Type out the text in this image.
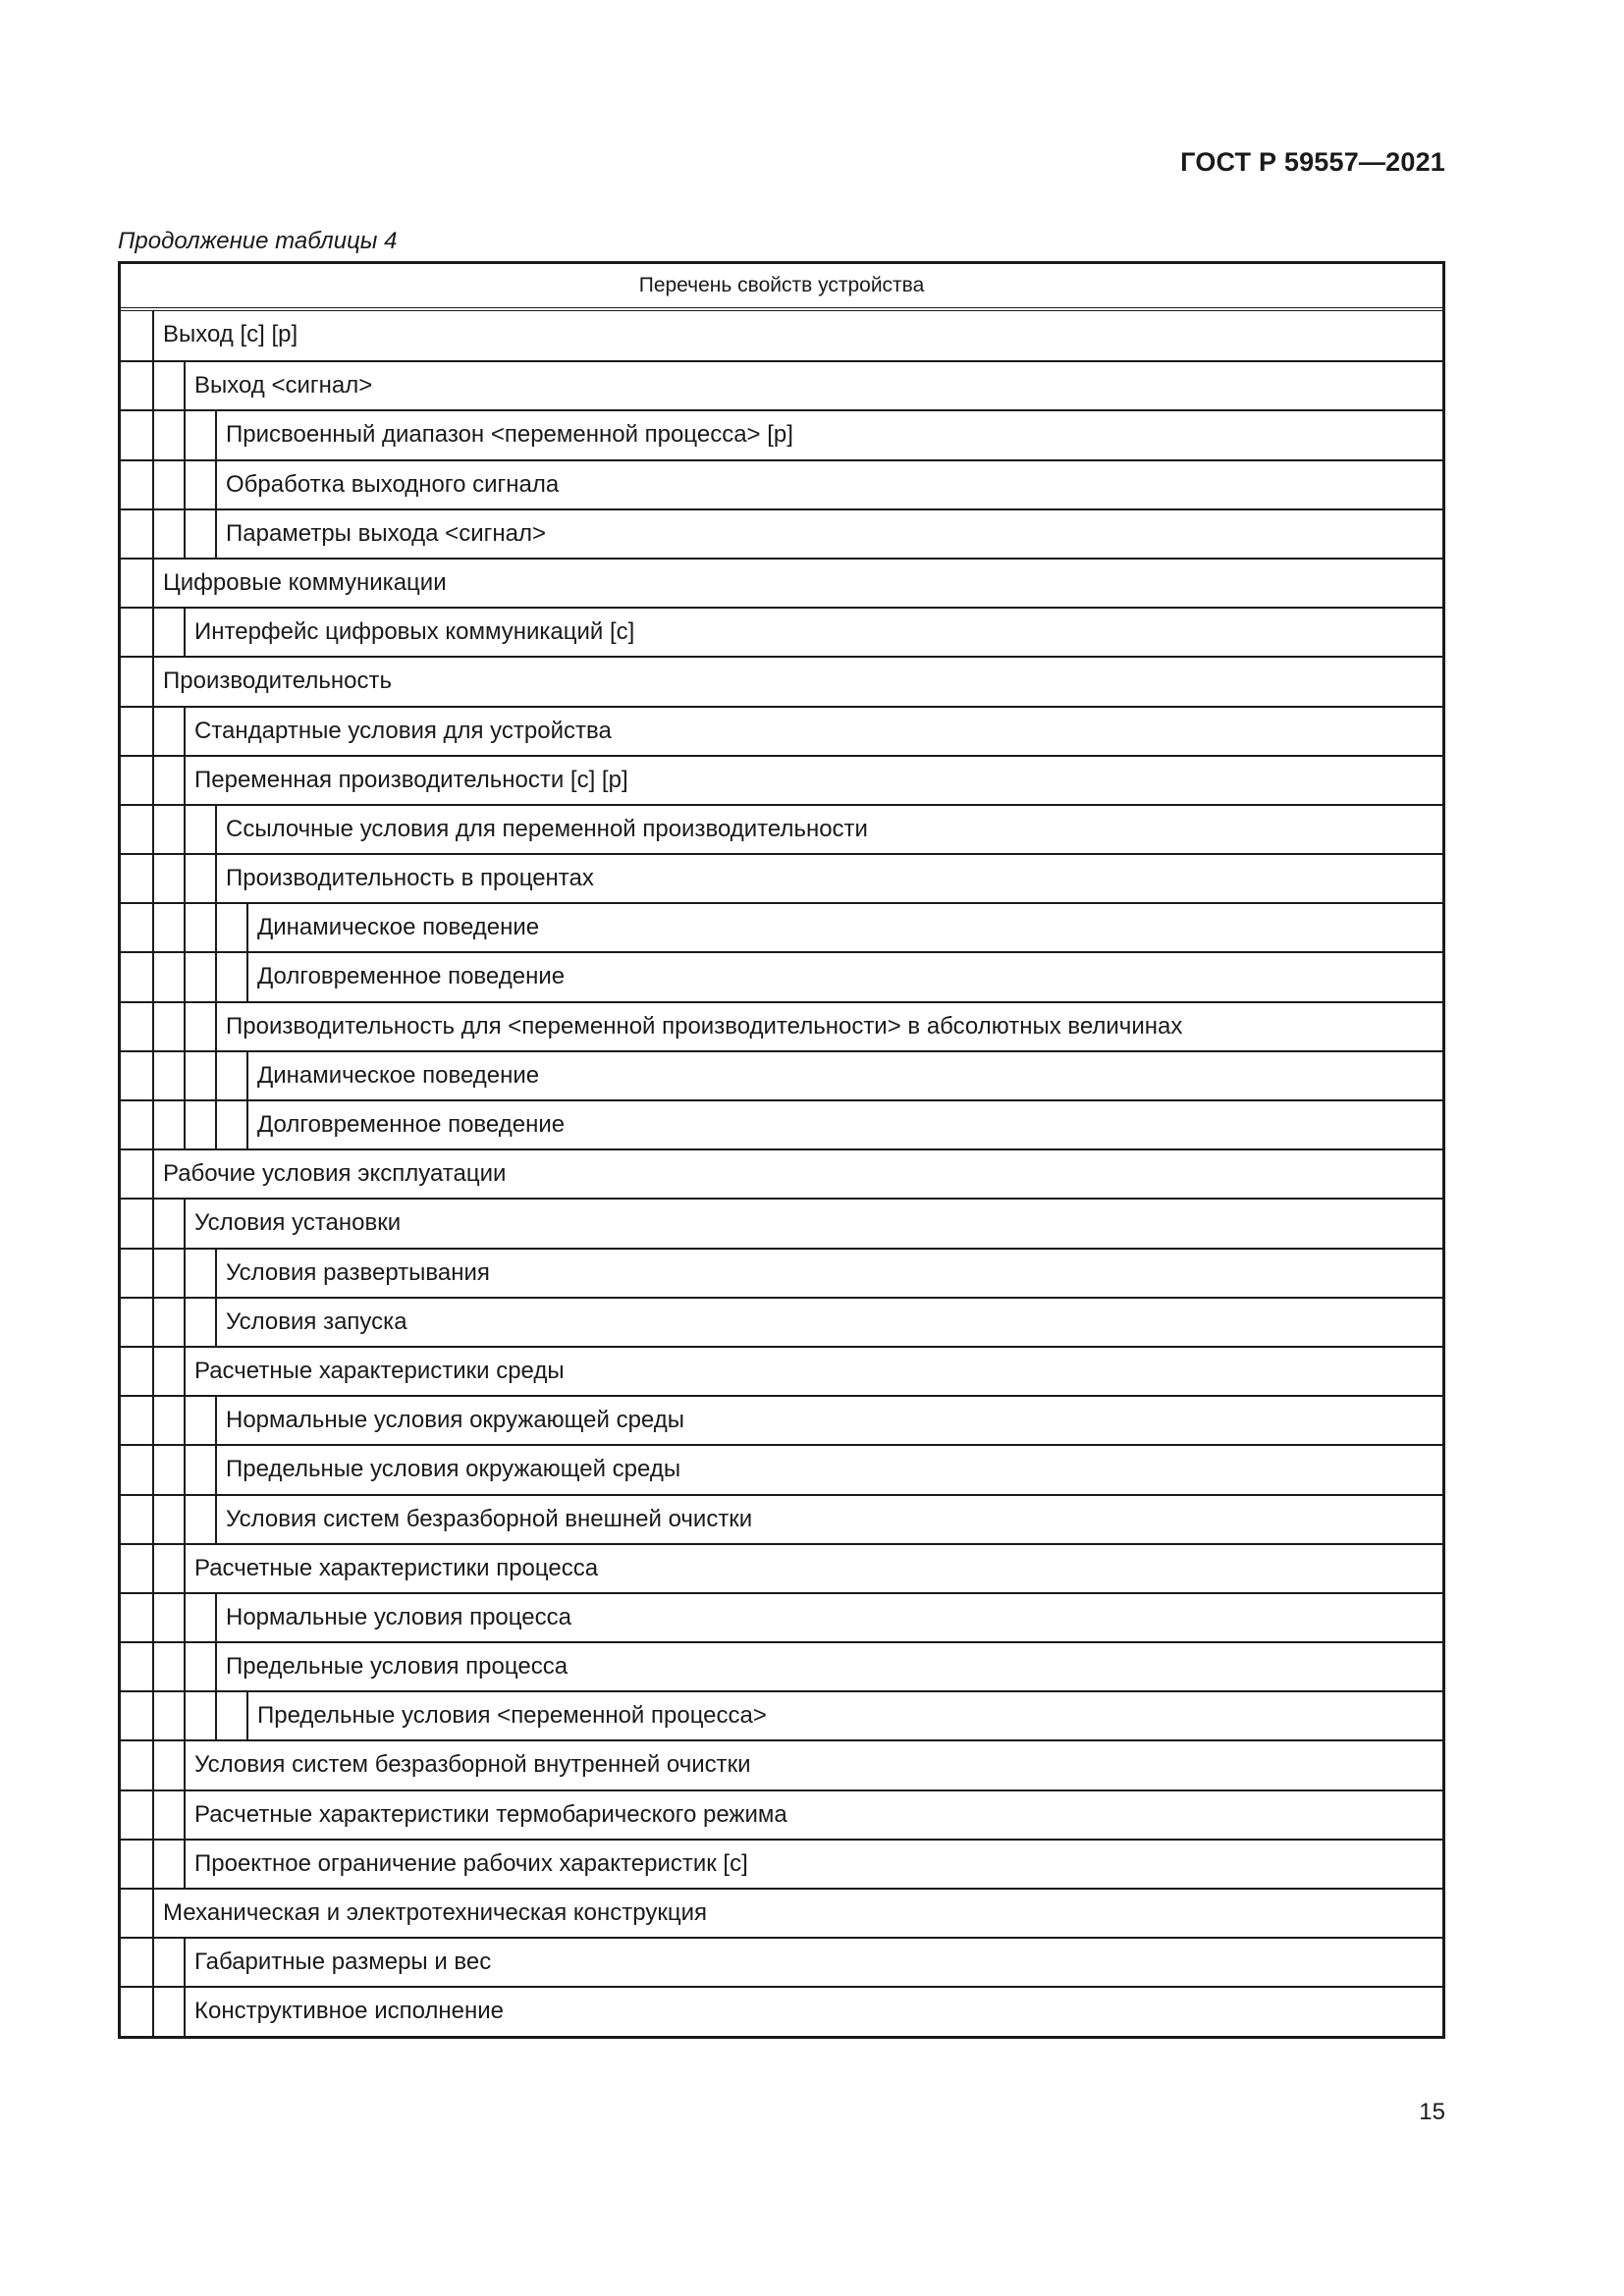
ГОСТ Р 59557—2021
Продолжение таблицы 4
Перечень свойств устройства
Выход [c] [p]
Выход <сигнал>
Присвоенный диапазон <переменной процесса> [p]
Обработка выходного сигнала
Параметры выхода <сигнал>
Цифровые коммуникации
Интерфейс цифровых коммуникаций [c]
Производительность
Стандартные условия для устройства
Переменная производительности [c] [p]
Ссылочные условия для переменной производительности
Производительность в процентах
Динамическое поведение
Долговременное поведение
Производительность для <переменной производительности> в абсолютных величинах
Динамическое поведение
Долговременное поведение
Рабочие условия эксплуатации
Условия установки
Условия развертывания
Условия запуска
Расчетные характеристики среды
Нормальные условия окружающей среды
Предельные условия окружающей среды
Условия систем безразборной внешней очистки
Расчетные характеристики процесса
Нормальные условия процесса
Предельные условия процесса
Предельные условия <переменной процесса>
Условия систем безразборной внутренней очистки
Расчетные характеристики термобарического режима
Проектное ограничение рабочих характеристик [c]
Механическая и электротехническая конструкция
Габаритные размеры и вес
Конструктивное исполнение
15
